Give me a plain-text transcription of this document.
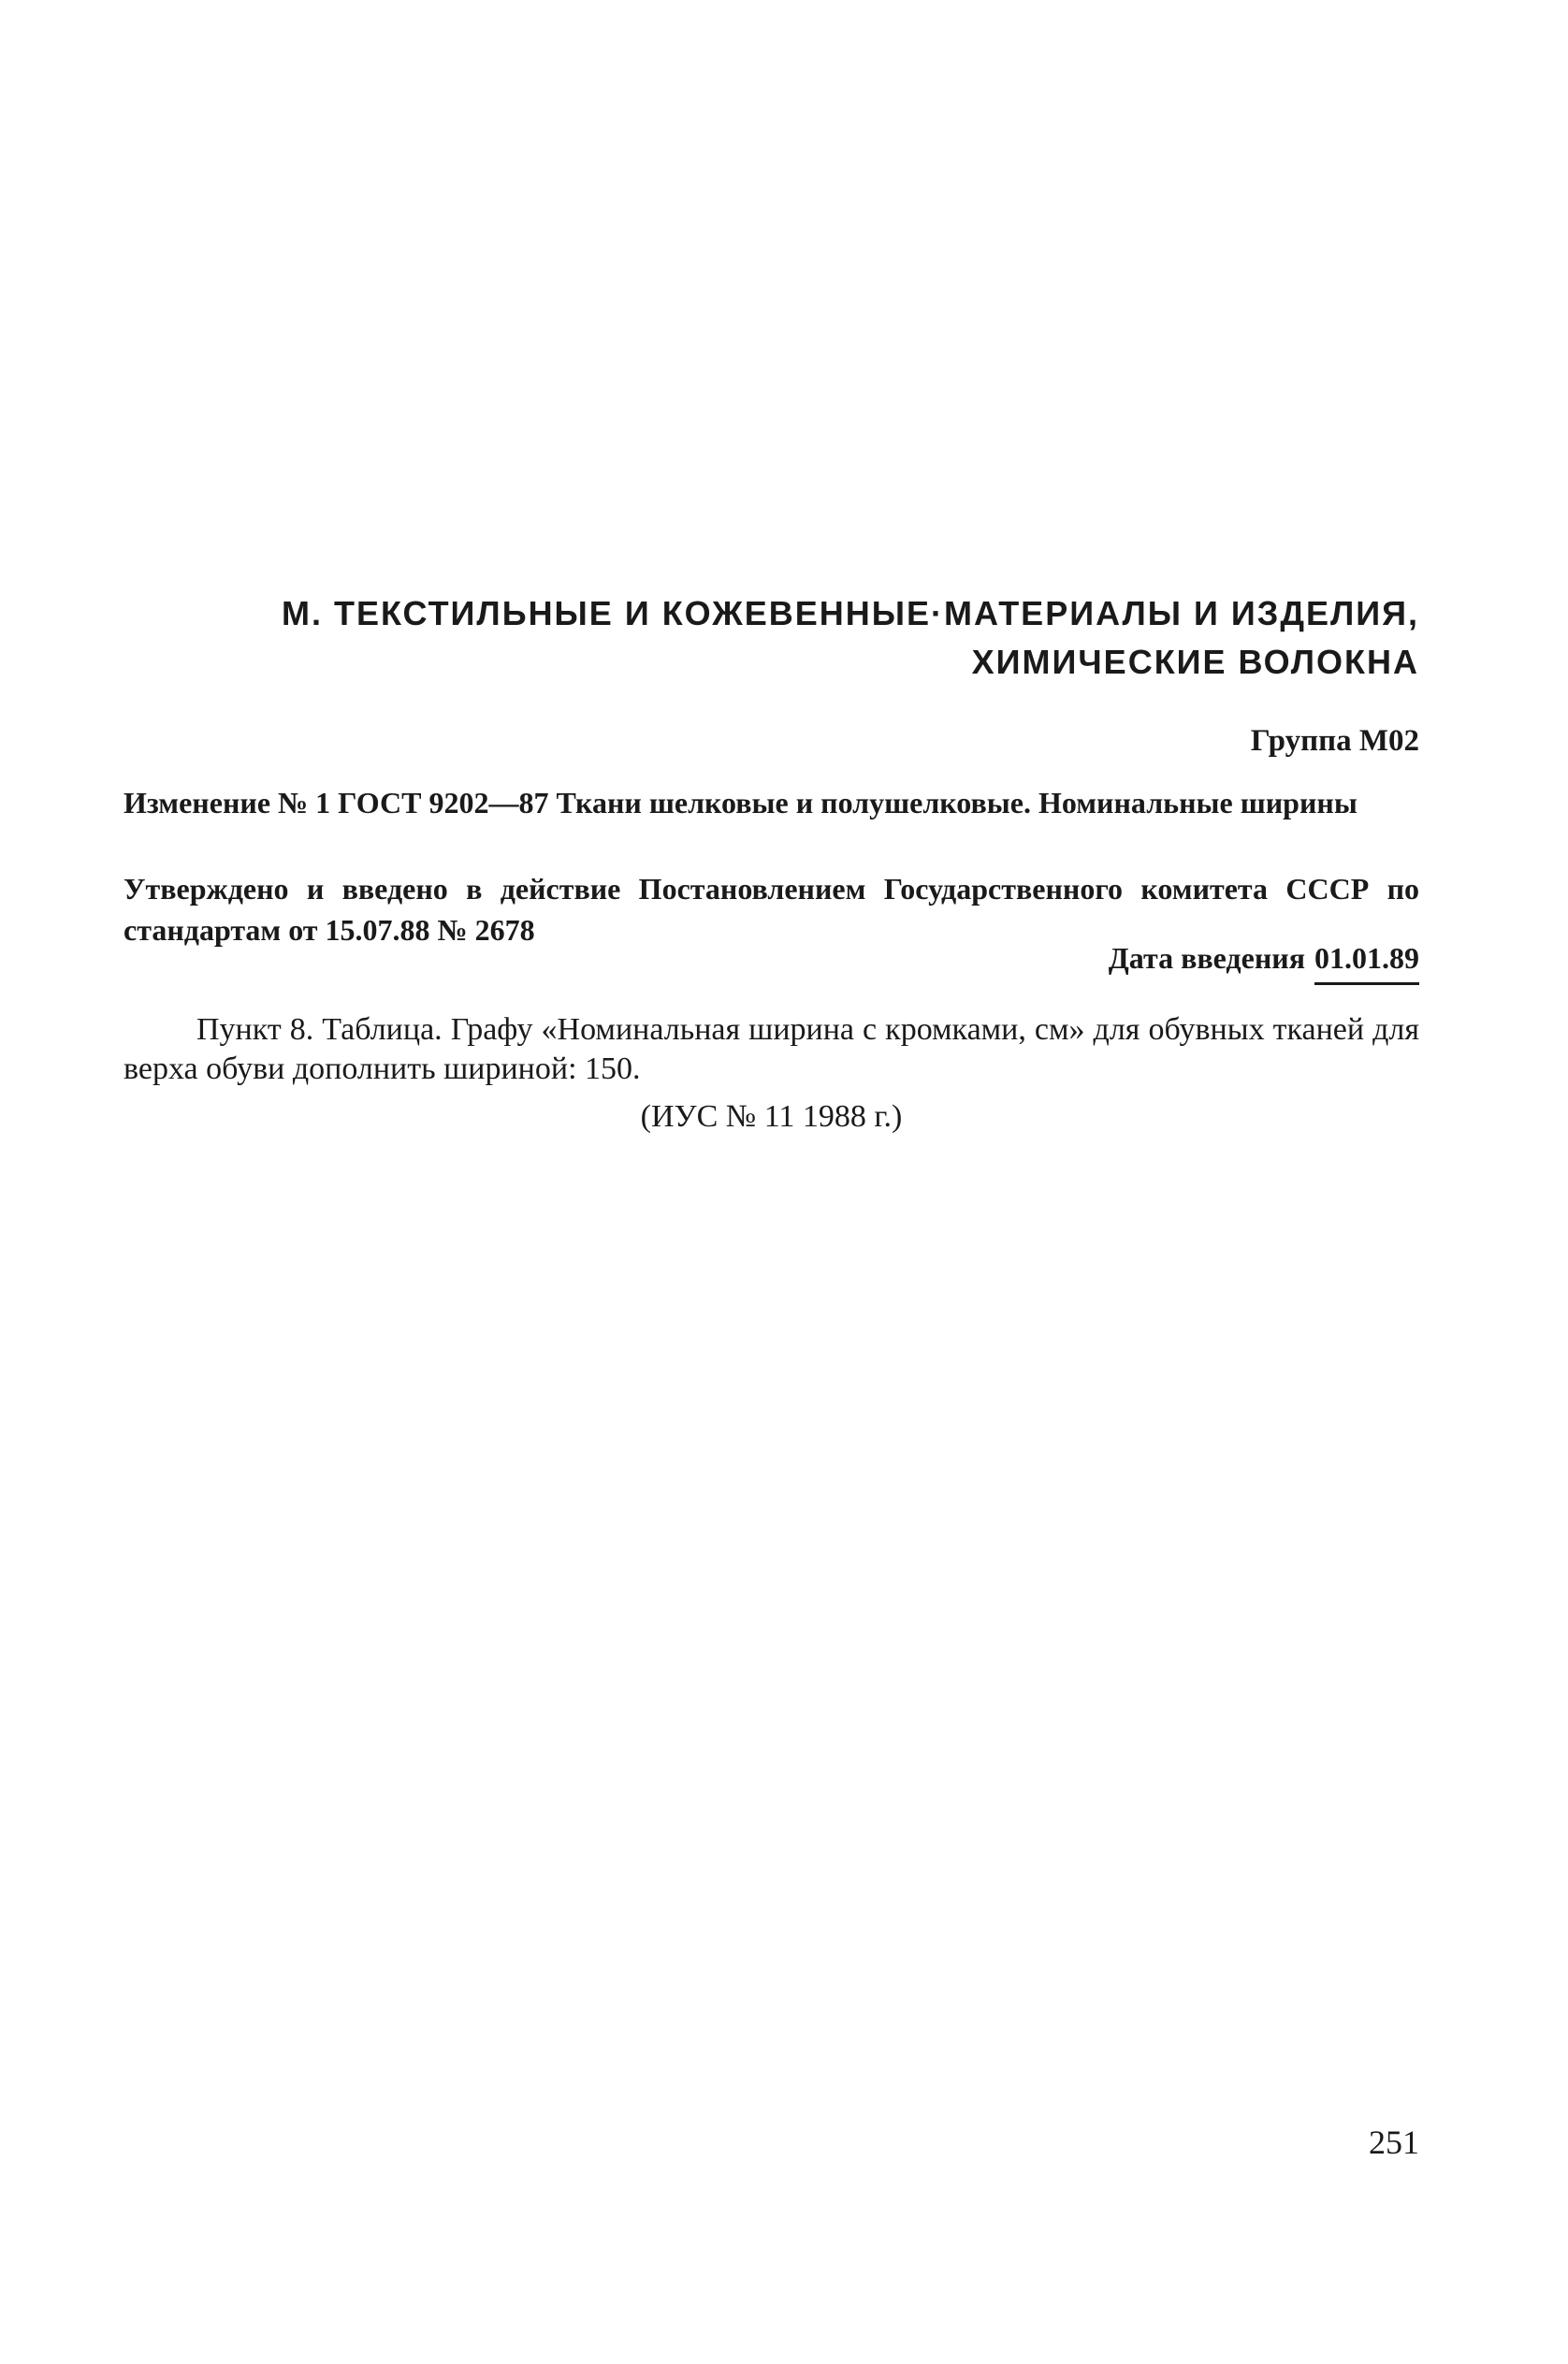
М. ТЕКСТИЛЬНЫЕ И КОЖЕВЕННЫЕ·МАТЕРИАЛЫ И ИЗДЕЛИЯ,
ХИМИЧЕСКИЕ ВОЛОКНА
Группа М02
Изменение № 1 ГОСТ 9202—87 Ткани шелковые и полушелковые. Номинальные ширины
Утверждено и введено в действие Постановлением Государственного комитета СССР по стандартам от 15.07.88 № 2678
Дата введения 01.01.89
Пункт 8. Таблица. Графу «Номинальная ширина с кромками, см» для обувных тканей для верха обуви дополнить шириной: 150.
(ИУС № 11 1988 г.)
251
